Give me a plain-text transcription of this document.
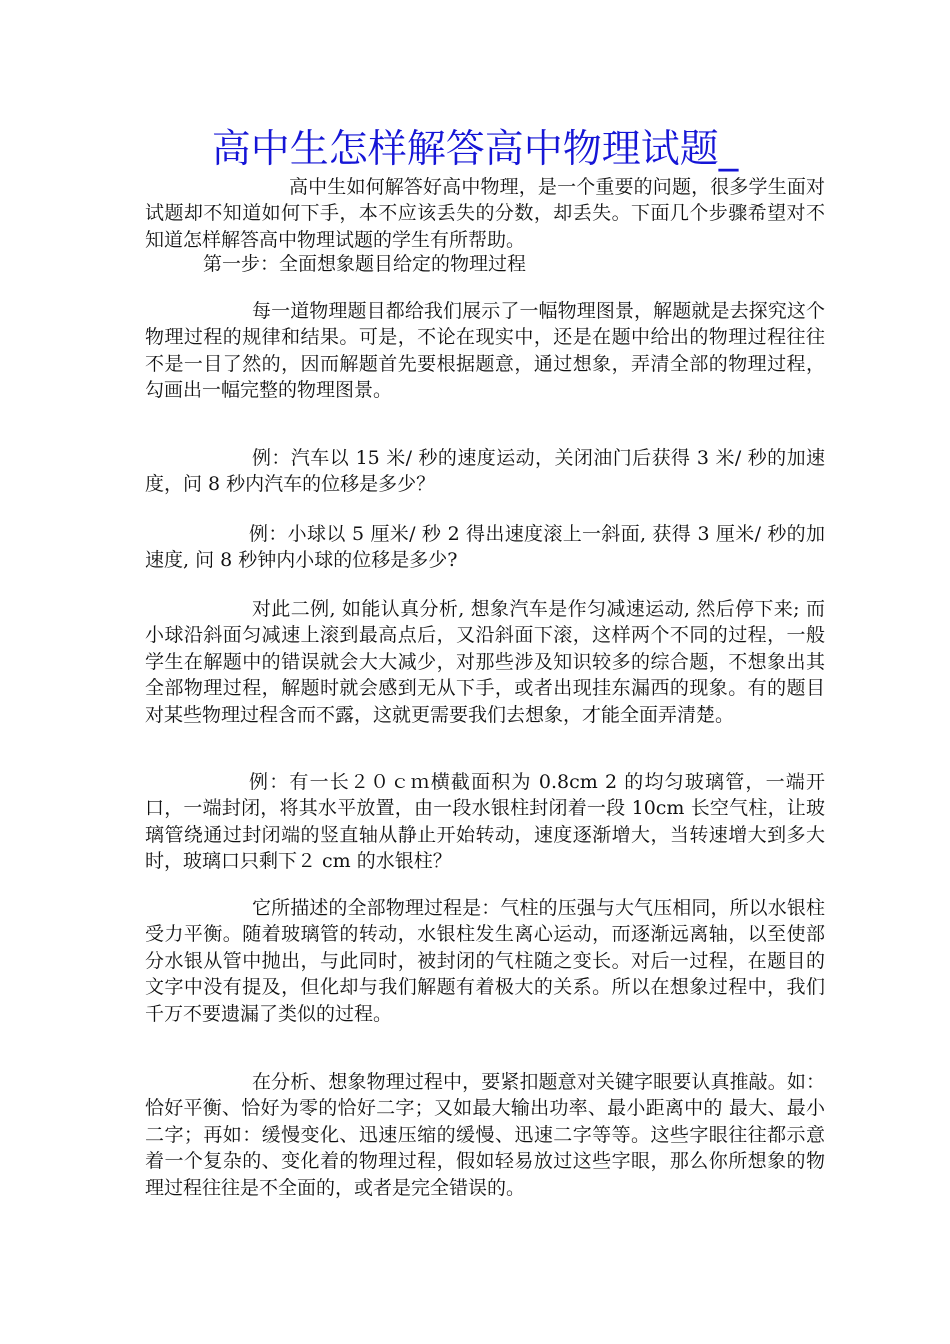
高中生怎样解答高中物理试题_

高中生如何解答好高中物理，是一个重要的问题，很多学生面对试题却不知道如何下手，本不应该丢失的分数，却丢失。下面几个步骤希望对不知道怎样解答高中物理试题的学生有所帮助。

第一步：全面想象题目给定的物理过程

每一道物理题目都给我们展示了一幅物理图景，解题就是去探究这个物理过程的规律和结果。可是，不论在现实中，还是在题中给出的物理过程往往不是一目了然的，因而解题首先要根据题意，通过想象，弄清全部的物理过程，勾画出一幅完整的物理图景。

例：汽车以 15 米/ 秒的速度运动，关闭油门后获得 3 米/ 秒的加速度，问 8 秒内汽车的位移是多少？

例：小球以 5 厘米/ 秒 2 得出速度滚上一斜面, 获得 3 厘米/ 秒的加速度, 问 8 秒钟内小球的位移是多少?

对此二例, 如能认真分析, 想象汽车是作匀减速运动, 然后停下来; 而小球沿斜面匀减速上滚到最高点后，又沿斜面下滚，这样两个不同的过程，一般学生在解题中的错误就会大大减少，对那些涉及知识较多的综合题，不想象出其全部物理过程，解题时就会感到无从下手，或者出现挂东漏西的现象。有的题目对某些物理过程含而不露，这就更需要我们去想象，才能全面弄清楚。

例：有一长２０ｃｍ横截面积为 0.8cm 2 的均匀玻璃管，一端开口，一端封闭，将其水平放置，由一段水银柱封闭着一段 10cm 长空气柱，让玻璃管绕通过封闭端的竖直轴从静止开始转动，速度逐渐增大，当转速增大到多大时，玻璃口只剩下２ cm 的水银柱？

它所描述的全部物理过程是：气柱的压强与大气压相同，所以水银柱受力平衡。随着玻璃管的转动，水银柱发生离心运动，而逐渐远离轴，以至使部分水银从管中抛出，与此同时，被封闭的气柱随之变长。对后一过程，在题目的文字中没有提及，但化却与我们解题有着极大的关系。所以在想象过程中，我们千万不要遗漏了类似的过程。

在分析、想象物理过程中，要紧扣题意对关键字眼要认真推敲。如：恰好平衡、恰好为零的恰好二字；又如最大输出功率、最小距离中的 最大、最小二字；再如：缓慢变化、迅速压缩的缓慢、迅速二字等等。这些字眼往往都示意着一个复杂的、变化着的物理过程，假如轻易放过这些字眼，那么你所想象的物理过程往往是不全面的，或者是完全错误的。
